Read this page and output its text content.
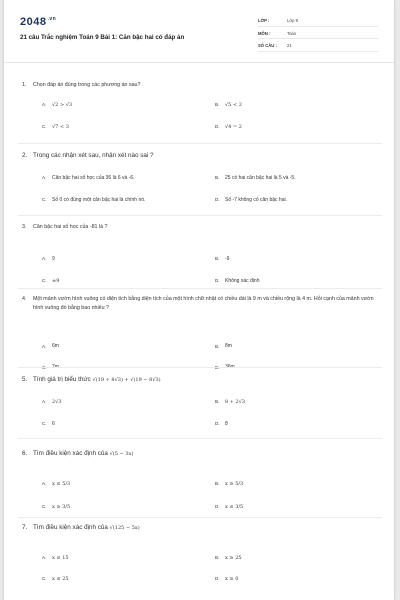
$2048^{.vn}$
21 câu Trắc nghiệm Toán 9 Bài 1: Căn bậc hai có đáp án
LỚP :	Lớp 9
MÔN :	Toán
SỐ CÂU :	21
1.	Chọn đáp án đúng trong các phương án sau?
A.	√2 > √3	B.	√5 < 2
C.	√7 < 3	D.	√4 = 2
2. Trong các nhận xét sau, nhận xét nào sai ?
A.	Căn bậc hai số học của 36 là 6 và -6.	B.	25 có hai căn bậc hai là 5 và -5.
C.	Số 0 có đúng một căn bậc hai là chính nó.	D.	Số -7 không có căn bậc hai.
3.	Căn bậc hai số học của -81 là ?
A.	9	B.	-9
C.	±9	D.	Không xác định
4.	Một mảnh vườn hình vuông có diện tích bằng diện tích của một hình chữ nhật có chiều dài là 9 m và chiều rộng là 4 m. Hỏi cạnh của mảnh vườn hình vuông đó bằng bao nhiêu ?
A.	6m	B.	8m
C.	7m	D.	36m
5. Tính giá trị biểu thức √(19 + 8√3) + √(19 − 8√3)
A.	2√3	B.	8 + 2√3
C.	6	D.	8
6. Tìm điều kiện xác định của √(5 − 3x)
A.	x ≤ 5/3	B.	x ≥ 5/3
C.	x ≥ 3/5	D.	x ≤ 3/5
7. Tìm điều kiện xác định của √(125 − 5x)
A.	x ≤ 15	B.	x ≥ 25
C.	x ≤ 25	D.	x ≥ 0
